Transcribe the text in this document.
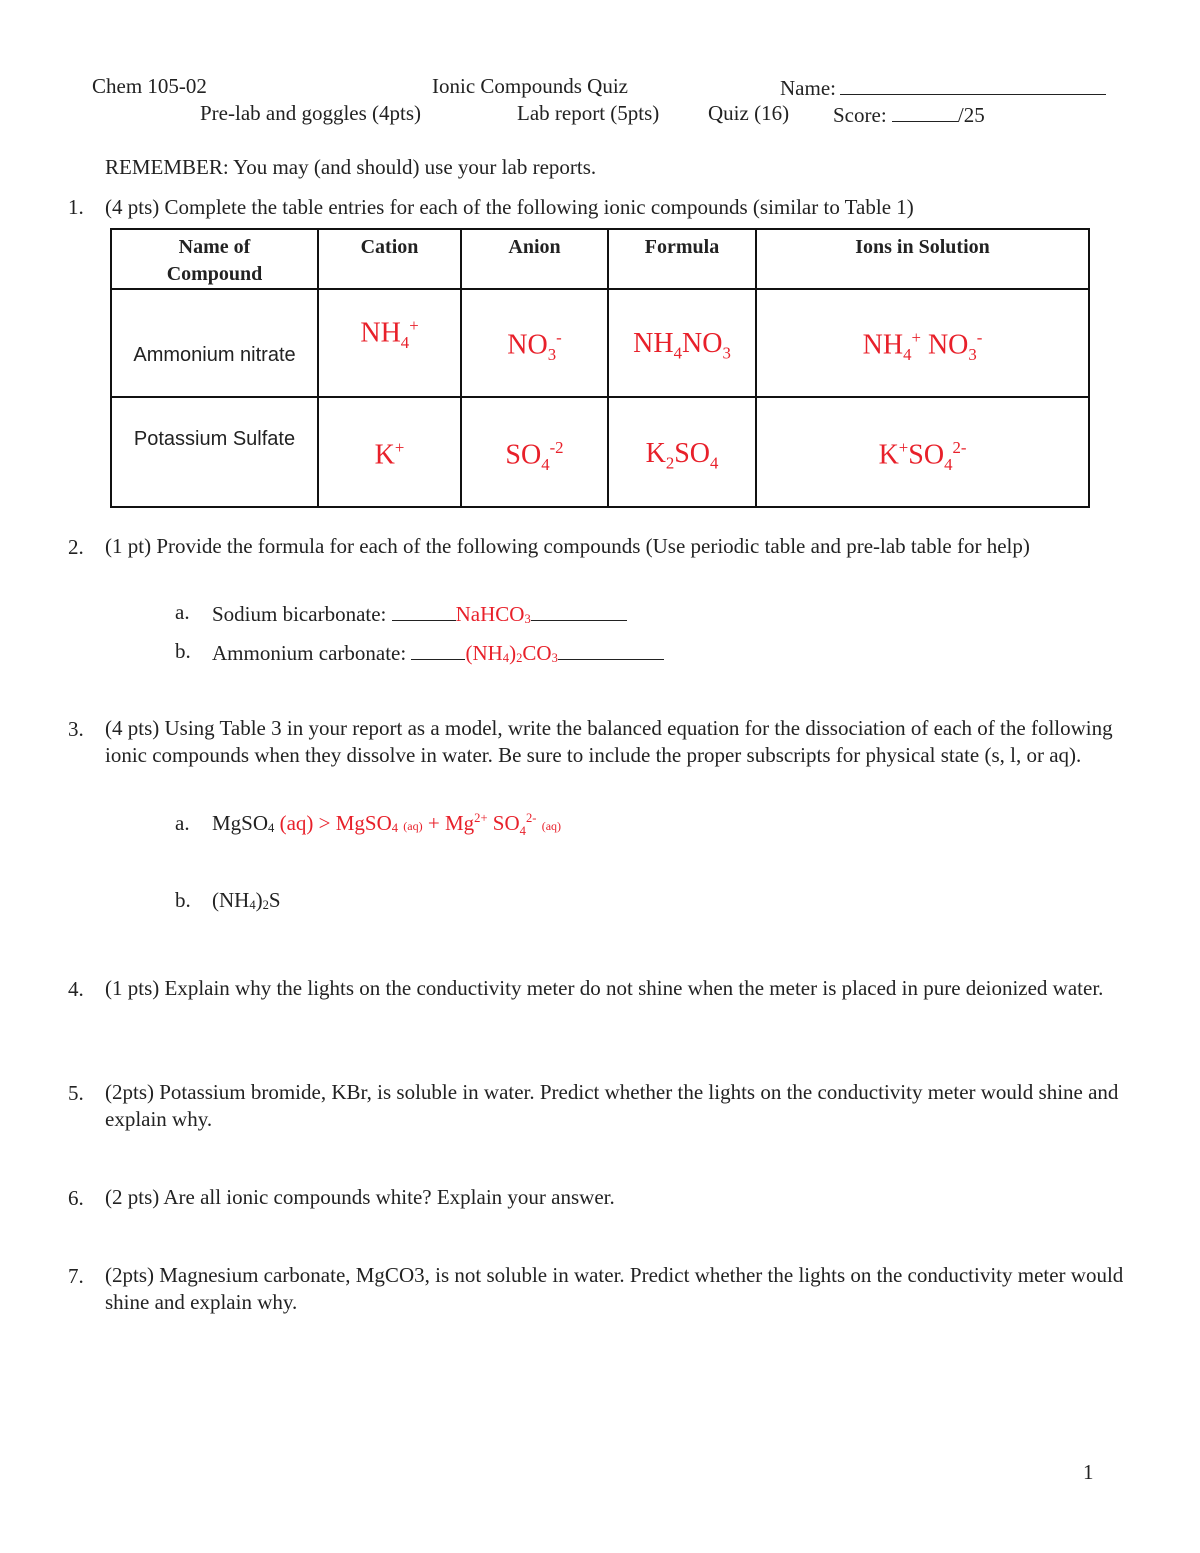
Chem 105-02	Ionic Compounds Quiz	Name:
Pre-lab and goggles (4pts)	Lab report (5pts) Quiz (16) Score:	/25
REMEMBER: You may (and should) use your lab reports.
1. (4 pts) Complete the table entries for each of the following ionic compounds (similar to Table 1)
Name of Compound	Cation	Anion	Formula	Ions in Solution
Ammonium nitrate	$NH_4^+$	$NO_3^-$	$NH_4NO_3$	$NH_4^+$ $NO_3^-$
Potassium Sulfate	K+	$SO_4^{-2}$	$K_2SO_4$	$K^+SO_4^{2-}$
2. (1 pt) Provide the formula for each of the following compounds (Use periodic table and pre-lab table for help)
a. Sodium bicarbonate:	NaHCO3
b. Ammonium carbonate:	(NH4)2CO3
3. (4 pts) Using Table 3 in your report as a model, write the balanced equation for the dissociation of each of the following ionic compounds when they dissolve in water. Be sure to include the proper subscripts for physical state (s, l, or aq).
a. MgSO4 (aq) > MgSO4 $(aq) + Mg^{2+}$ $SO_4^{2-}$ (aq)
b. (NH4)2S
4. (1 pts) Explain why the lights on the conductivity meter do not shine when the meter is placed in pure deionized water.
5. (2pts) Potassium bromide, KBr, is soluble in water. Predict whether the lights on the conductivity meter would shine and explain why.
6. (2 pts) Are all ionic compounds white? Explain your answer.
7. (2pts) Magnesium carbonate, MgCO3, is not soluble in water. Predict whether the lights on the conductivity meter would shine and explain why.
1
